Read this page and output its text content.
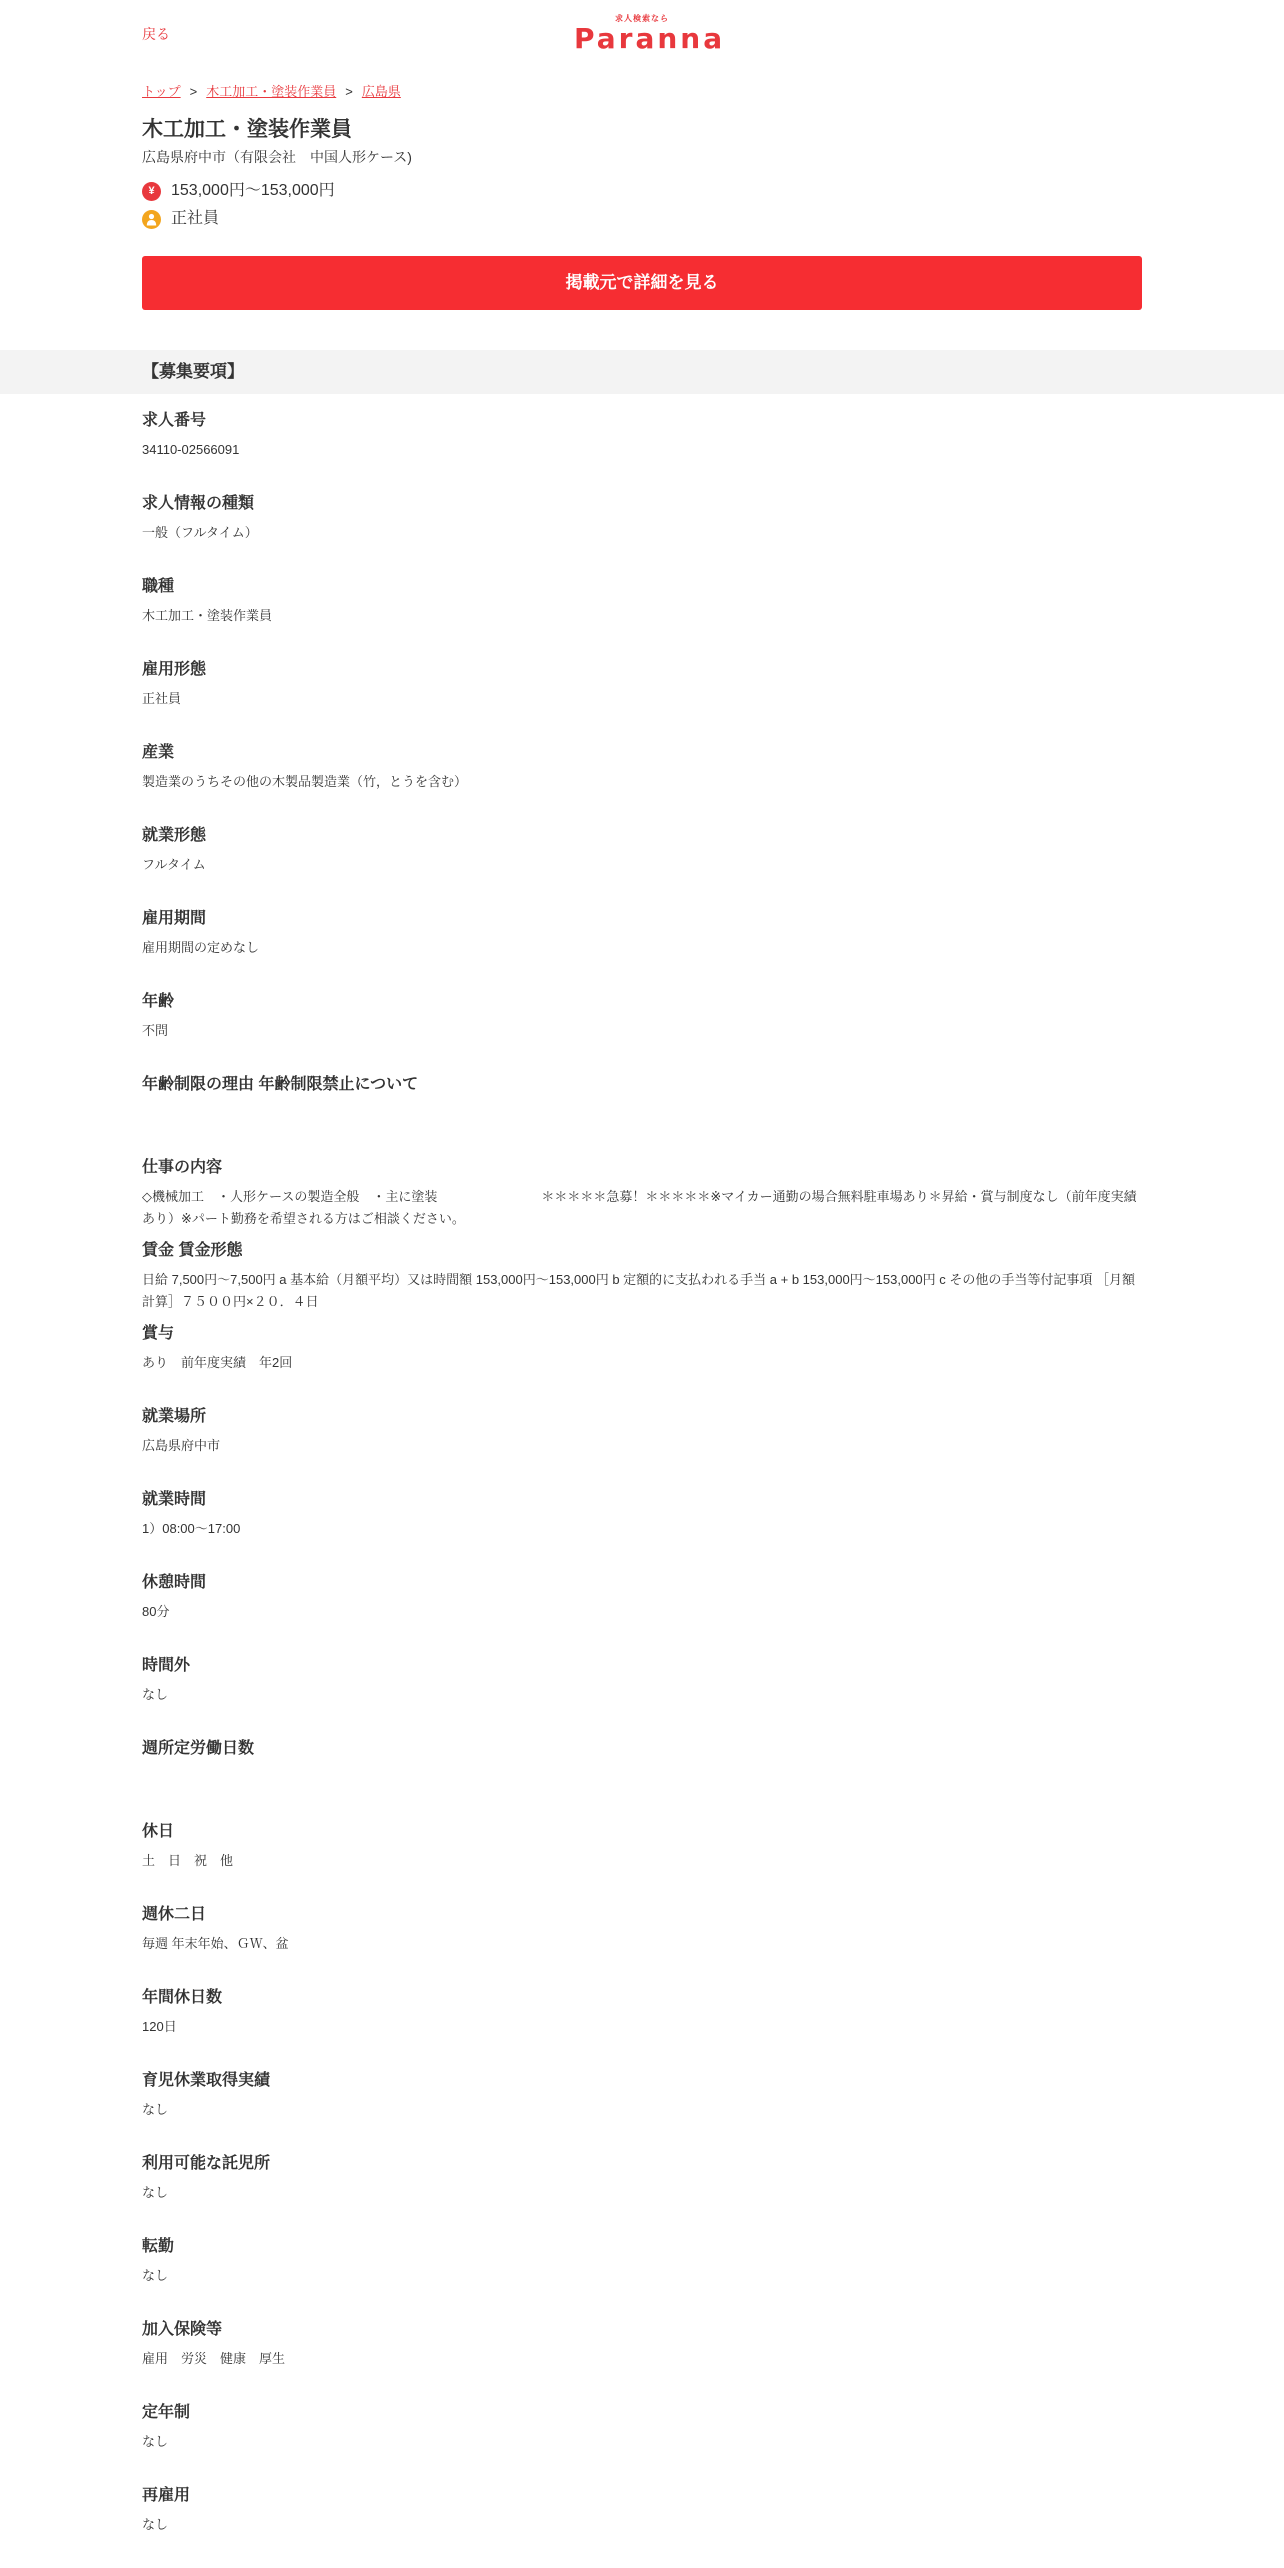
戻る
求人検索なら
Paranna

トップ > 木工加工・塗装作業員 > 広島県

木工加工・塗装作業員

広島県府中市（有限会社　中国人形ケース)

¥	153,000円～153,000円
正社員
掲載元で詳細を見る
【募集要項】
求人番号

34110-02566091

求人情報の種類

一般（フルタイム）

職種

木工加工・塗装作業員

雇用形態

正社員

産業

製造業のうちその他の木製品製造業（竹，とうを含む）

就業形態

フルタイム

雇用期間

雇用期間の定めなし

年齢

不問

年齢制限の理由 年齢制限禁止について

仕事の内容

◇機械加工　・人形ケースの製造全般　・主に塗装　　　　　　　　＊＊＊＊＊急募！＊＊＊＊＊※マイカー通勤の場合無料駐車場あり＊昇給・賞与制度なし（前年度実績あり）※パート勤務を希望される方はご相談ください。

賃金 賃金形態

日給 7,500円～7,500円 a 基本給（月額平均）又は時間額 153,000円～153,000円 b 定額的に支払われる手当 a + b 153,000円～153,000円 c その他の手当等付記事項 ［月額計算］７５００円×２０．４日

賞与

あり　前年度実績　年2回

就業場所

広島県府中市

就業時間

1）08:00～17:00

休憩時間

80分

時間外

なし

週所定労働日数

休日

土　日　祝　他

週休二日

毎週 年末年始、ＧＷ、盆

年間休日数

120日

育児休業取得実績

なし

利用可能な託児所

なし

転勤

なし

加入保険等

雇用　労災　健康　厚生

定年制

なし

再雇用

なし
